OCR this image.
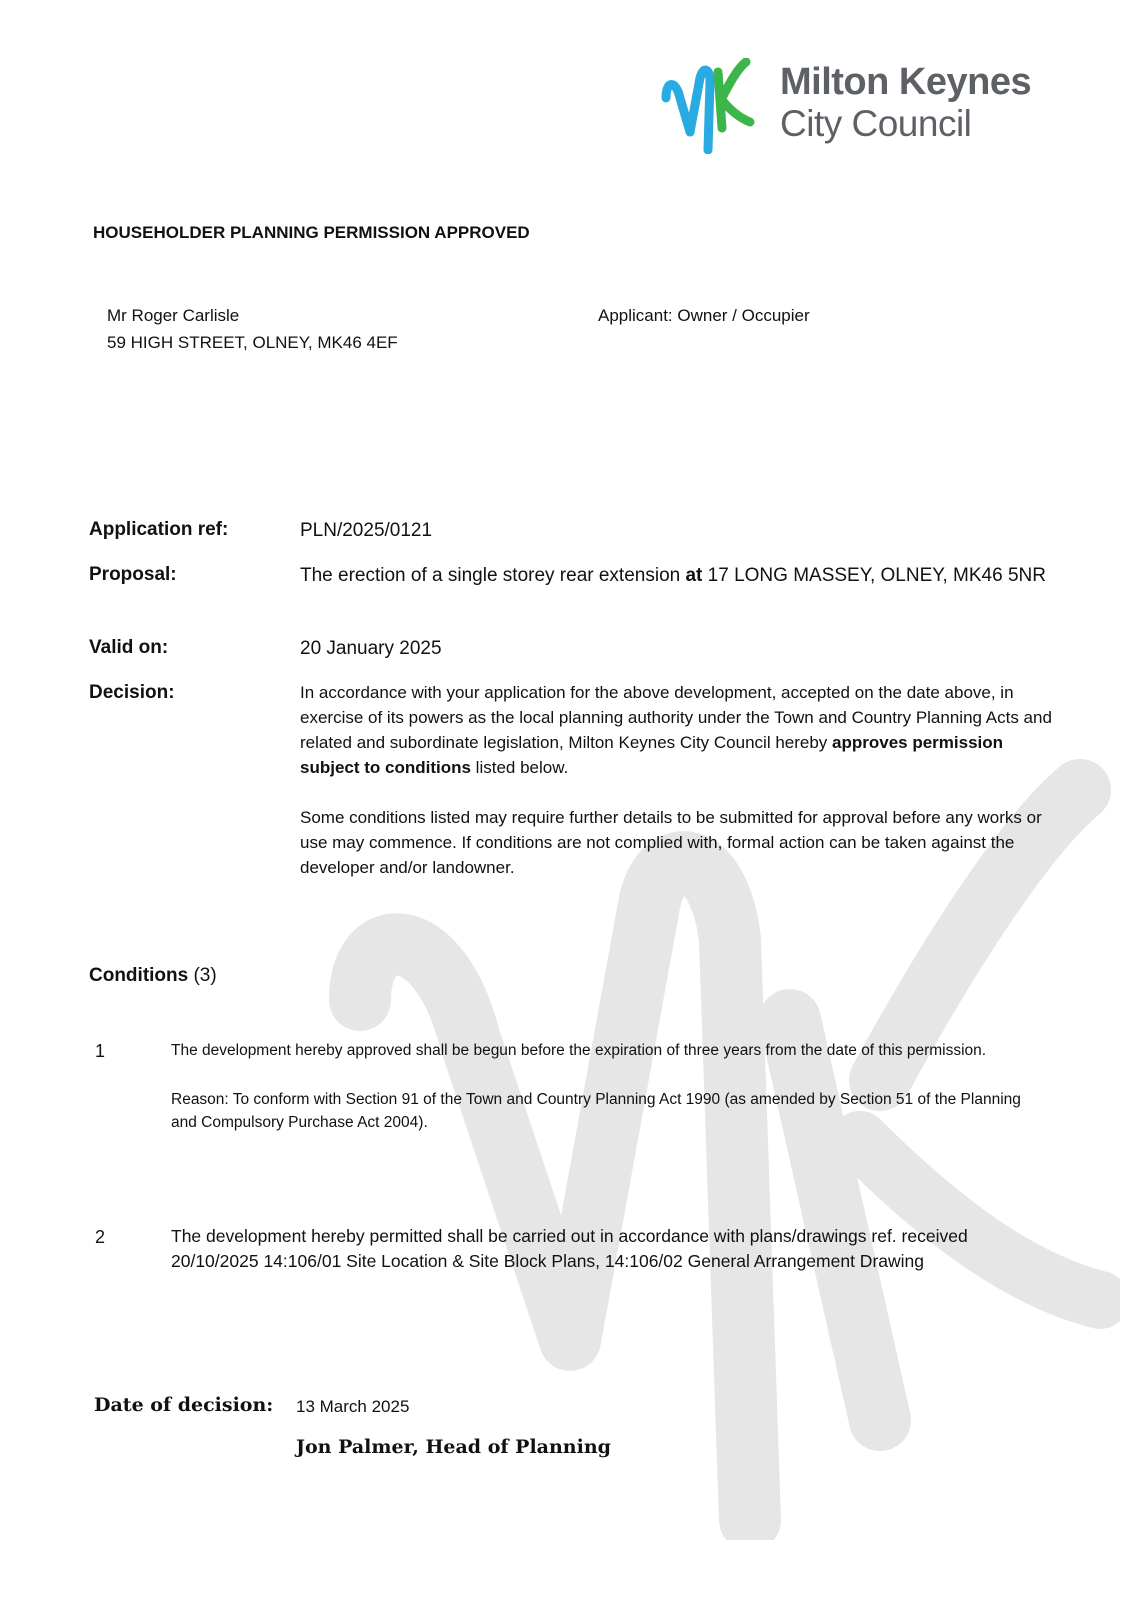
Milton Keynes
City Council
HOUSEHOLDER PLANNING PERMISSION APPROVED
Mr Roger Carlisle
59 HIGH STREET, OLNEY, MK46 4EF
Applicant: Owner / Occupier
Application ref:	PLN/2025/0121
Proposal:	The erection of a single storey rear extension at 17 LONG MASSEY, OLNEY, MK46 5NR
Valid on:	20 January 2025
Decision:	In accordance with your application for the above development, accepted on the date above, in exercise of its powers as the local planning authority under the Town and Country Planning Acts and related and subordinate legislation, Milton Keynes City Council hereby approves permission subject to conditions listed below.

Some conditions listed may require further details to be submitted for approval before any works or use may commence. If conditions are not complied with, formal action can be taken against the developer and/or landowner.

Conditions (3)
1	The development hereby approved shall be begun before the expiration of three years from the date of this permission.

Reason: To conform with Section 91 of the Town and Country Planning Act 1990 (as amended by Section 51 of the Planning and Compulsory Purchase Act 2004).

2	The development hereby permitted shall be carried out in accordance with plans/drawings ref. received 20/10/2025 14:106/01 Site Location & Site Block Plans, 14:106/02 General Arrangement Drawing
Date of decision: 13 March 2025
Jon Palmer, Head of Planning
